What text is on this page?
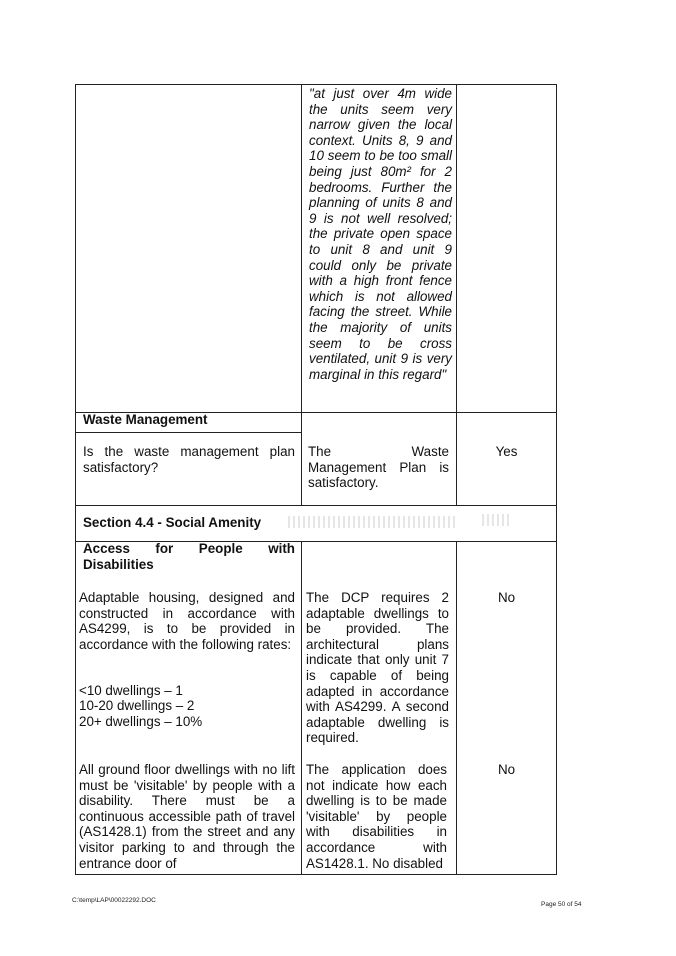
"at just over 4m wide the units seem very narrow given the local context. Units 8, 9 and 10 seem to be too small being just 80m² for 2 bedrooms. Further the planning of units 8 and 9 is not well resolved; the private open space to unit 8 and unit 9 could only be private with a high front fence which is not allowed facing the street. While the majority of units seem to be cross ventilated, unit 9 is very marginal in this regard"
Waste Management
Is the waste management plan satisfactory?
The Waste Management Plan is satisfactory.
Yes
Section 4.4 - Social Amenity
Access for People with Disabilities
Adaptable housing, designed and constructed in accordance with AS4299, is to be provided in accordance with the following rates:
<10 dwellings – 1
10-20 dwellings – 2
20+ dwellings – 10%
The DCP requires 2 adaptable dwellings to be provided. The architectural plans indicate that only unit 7 is capable of being adapted in accordance with AS4299. A second adaptable dwelling is required.
No
All ground floor dwellings with no lift must be 'visitable' by people with a disability. There must be a continuous accessible path of travel (AS1428.1) from the street and any visitor parking to and through the entrance door of
The application does not indicate how each dwelling is to be made 'visitable' by people with disabilities in accordance with AS1428.1. No disabled
No
C:\temp\LAP\00022292.DOC
Page 50 of 54
